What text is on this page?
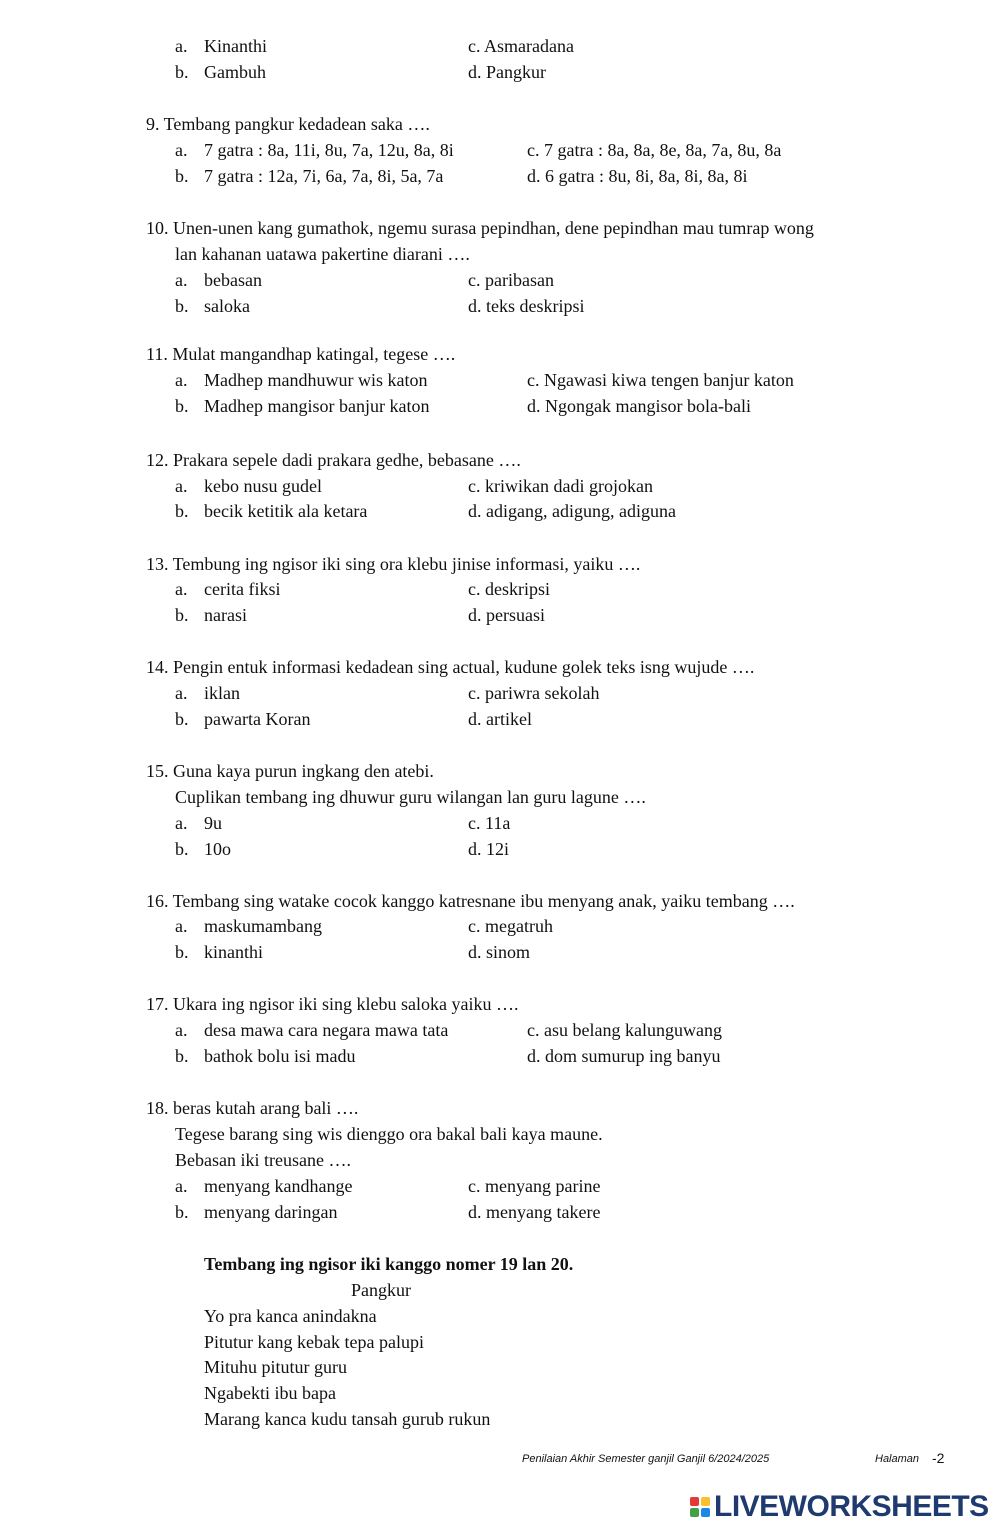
a. Kinanthi	c. Asmaradana
b. Gambuh	d. Pangkur
9. Tembang pangkur kedadean saka ….
a. 7 gatra : 8a, 11i, 8u, 7a, 12u, 8a, 8i	c. 7 gatra : 8a, 8a, 8e, 8a, 7a, 8u, 8a
b. 7 gatra : 12a, 7i, 6a, 7a, 8i, 5a, 7a	d. 6 gatra : 8u, 8i, 8a, 8i, 8a, 8i
10. Unen-unen kang gumathok, ngemu surasa pepindhan, dene pepindhan mau tumrap wong
lan kahanan uatawa pakertine diarani ….
a. bebasan	c. paribasan
b. saloka	d. teks deskripsi
11. Mulat mangandhap katingal, tegese ….
a. Madhep mandhuwur wis katon	c. Ngawasi kiwa tengen banjur katon
b. Madhep mangisor banjur katon	d. Ngongak mangisor bola-bali
12. Prakara sepele dadi prakara gedhe, bebasane ….
a. kebo nusu gudel	c. kriwikan dadi grojokan
b. becik ketitik ala ketara	d. adigang, adigung, adiguna
13. Tembung ing ngisor iki sing ora klebu jinise informasi, yaiku ….
a. cerita fiksi	c. deskripsi
b. narasi	d. persuasi
14. Pengin entuk informasi kedadean sing actual, kudune golek teks isng wujude ….
a. iklan	c. pariwra sekolah
b. pawarta Koran	d. artikel
15. Guna kaya purun ingkang den atebi.
Cuplikan tembang ing dhuwur guru wilangan lan guru lagune ….
a. 9u	c. 11a
b. 10o	d. 12i
16. Tembang sing watake cocok kanggo katresnane ibu menyang anak, yaiku tembang ….
a. maskumambang	c. megatruh
b. kinanthi	d. sinom
17. Ukara ing ngisor iki sing klebu saloka yaiku ….
a. desa mawa cara negara mawa tata	c. asu belang kalunguwang
b. bathok bolu isi madu	d. dom sumurup ing banyu
18. beras kutah arang bali ….
Tegese barang sing wis dienggo ora bakal bali kaya maune.
Bebasan iki treusane ….
a. menyang kandhange	c. menyang parine
b. menyang daringan	d. menyang takere
Tembang ing ngisor iki kanggo nomer 19 lan 20.
Pangkur
Yo pra kanca anindakna
Pitutur kang kebak tepa palupi
Mituhu pitutur guru
Ngabekti ibu bapa
Marang kanca kudu tansah gurub rukun
Penilaian Akhir Semester ganjil Ganjil 6/2024/2025	Halaman -2
LIVEWORKSHEETS
